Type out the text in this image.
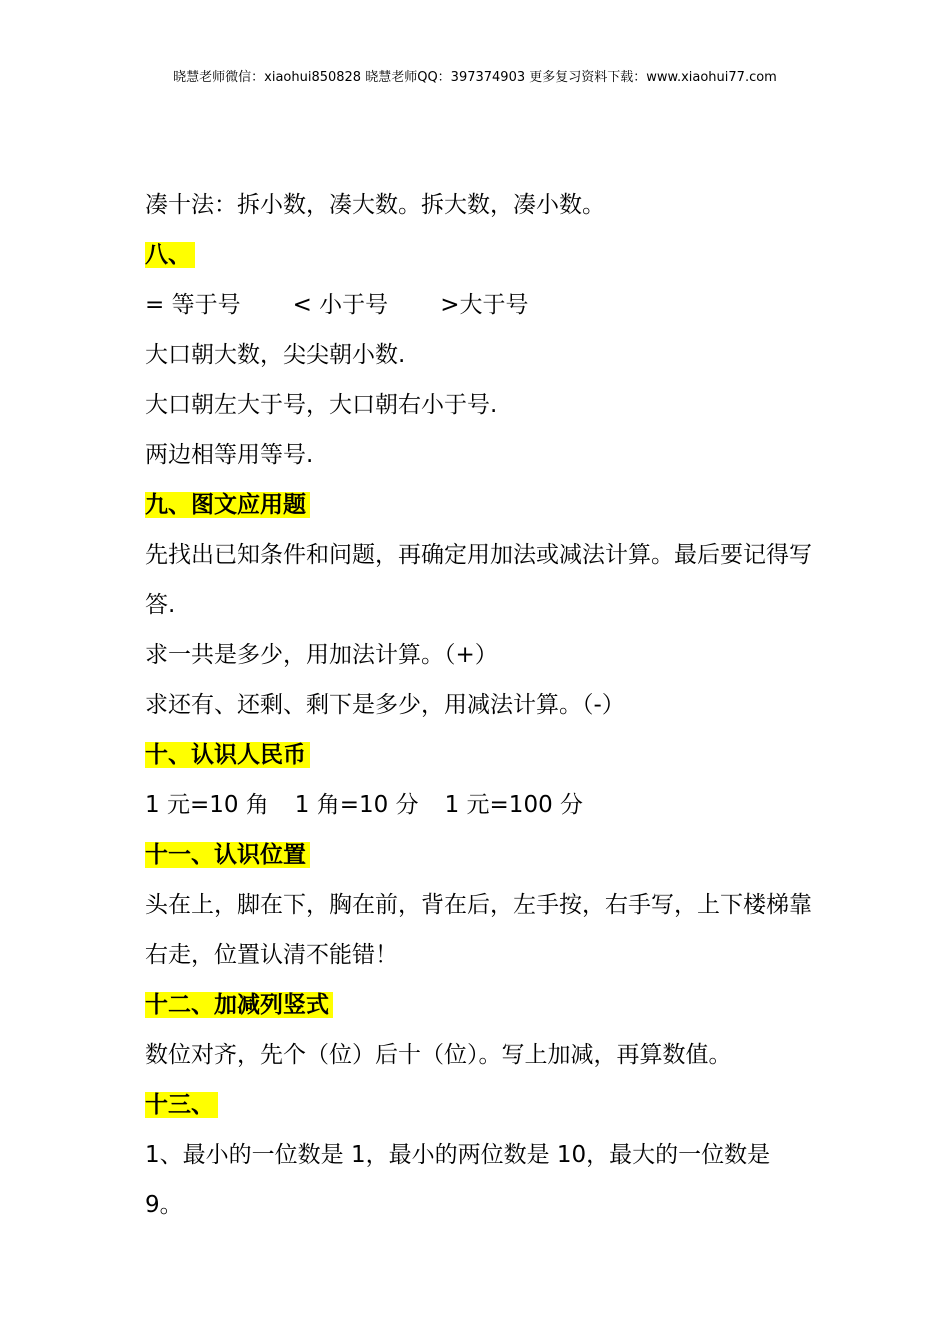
晓慧老师微信：xiaohui850828 晓慧老师QQ：397374903 更多复习资料下载：www.xiaohui77.com
凑十法：拆小数，凑大数。拆大数，凑小数。
八、
= 等于号 < 小于号 >大于号
大口朝大数，尖尖朝小数.
大口朝左大于号，大口朝右小于号.
两边相等用等号.
九、图文应用题
先找出已知条件和问题，再确定用加法或减法计算。最后要记得写答.
求一共是多少，用加法计算。（+）
求还有、还剩、剩下是多少，用减法计算。（-）
十、认识人民币
1 元=10 角 1 角=10 分 1 元=100 分
十一、认识位置
头在上，脚在下，胸在前，背在后，左手按，右手写，上下楼梯靠右走，位置认清不能错！
十二、加减列竖式
数位对齐，先个（位）后十（位）。写上加减，再算数值。
十三、
1、最小的一位数是 1，最小的两位数是 10，最大的一位数是 9。
